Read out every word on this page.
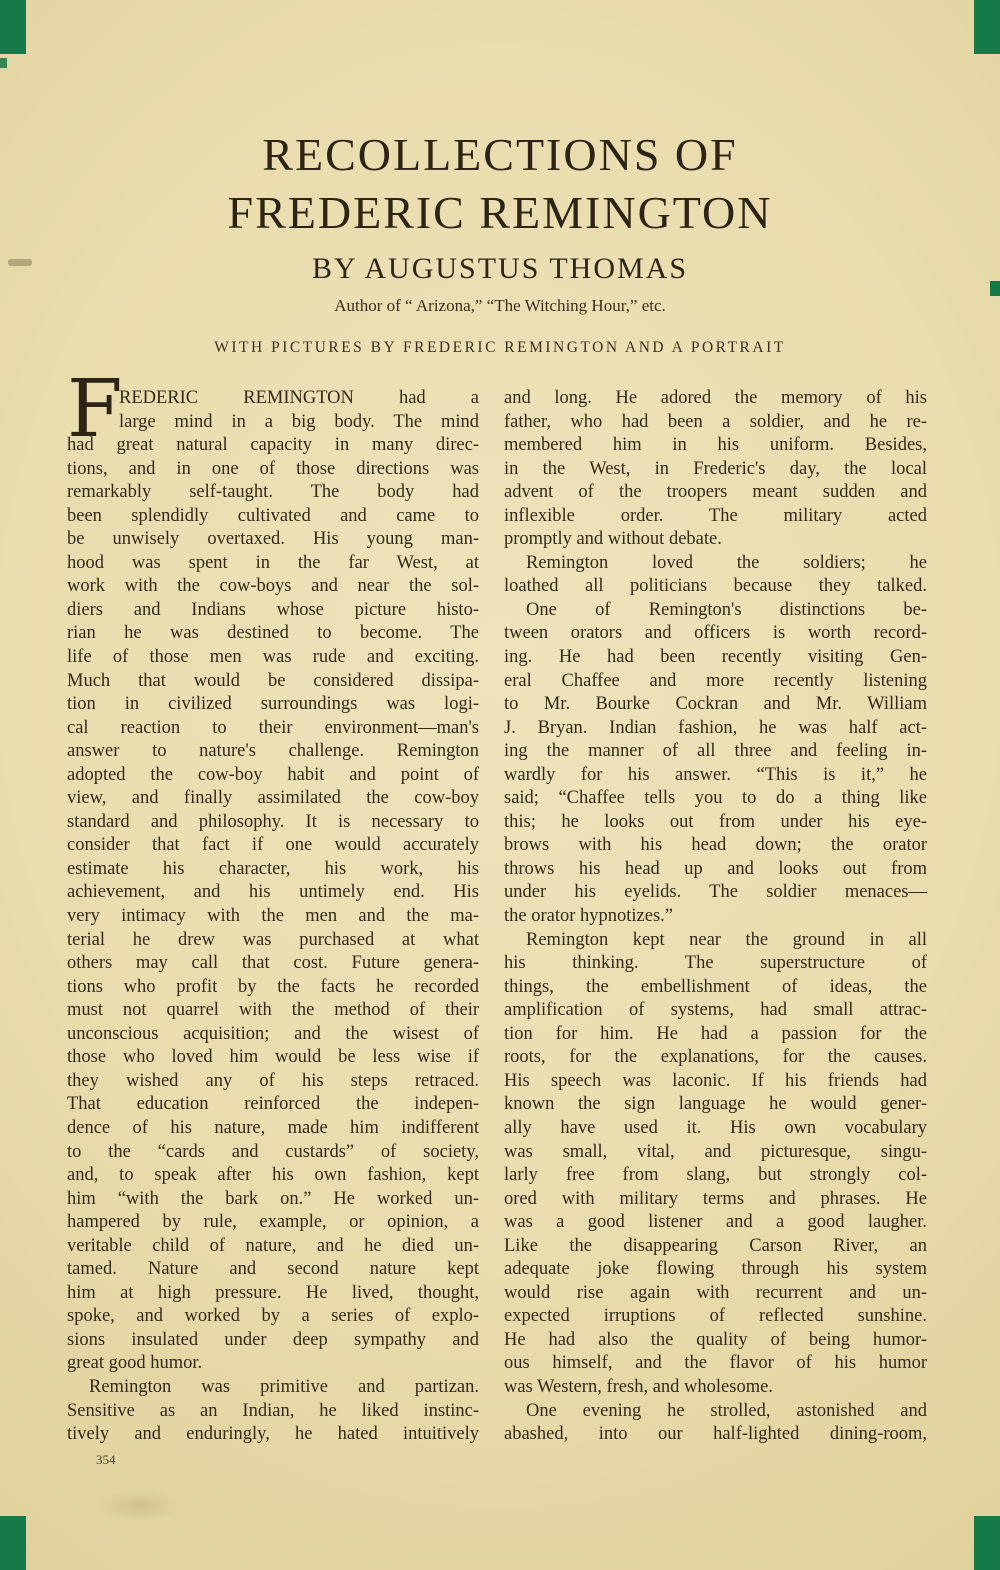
RECOLLECTIONS OF
FREDERIC REMINGTON
BY AUGUSTUS THOMAS
Author of “ Arizona,” “The Witching Hour,” etc.
WITH PICTURES BY FREDERIC REMINGTON AND A PORTRAIT
F
REDERIC REMINGTON had a
large mind in a big body. The mind
had great natural capacity in many direc-
tions, and in one of those directions was
remarkably self-taught. The body had
been splendidly cultivated and came to
be unwisely overtaxed. His young man-
hood was spent in the far West, at
work with the cow-boys and near the sol-
diers and Indians whose picture histo-
rian he was destined to become. The
life of those men was rude and exciting.
Much that would be considered dissipa-
tion in civilized surroundings was logi-
cal reaction to their environment—man's
answer to nature's challenge. Remington
adopted the cow-boy habit and point of
view, and finally assimilated the cow-boy
standard and philosophy. It is necessary to
consider that fact if one would accurately
estimate his character, his work, his
achievement, and his untimely end. His
very intimacy with the men and the ma-
terial he drew was purchased at what
others may call that cost. Future genera-
tions who profit by the facts he recorded
must not quarrel with the method of their
unconscious acquisition; and the wisest of
those who loved him would be less wise if
they wished any of his steps retraced.
That education reinforced the indepen-
dence of his nature, made him indifferent
to the “cards and custards” of society,
and, to speak after his own fashion, kept
him “with the bark on.” He worked un-
hampered by rule, example, or opinion, a
veritable child of nature, and he died un-
tamed. Nature and second nature kept
him at high pressure. He lived, thought,
spoke, and worked by a series of explo-
sions insulated under deep sympathy and
great good humor.
Remington was primitive and partizan.
Sensitive as an Indian, he liked instinc-
tively and enduringly, he hated intuitively
and long. He adored the memory of his
father, who had been a soldier, and he re-
membered him in his uniform. Besides,
in the West, in Frederic's day, the local
advent of the troopers meant sudden and
inflexible order. The military acted
promptly and without debate.
Remington loved the soldiers; he
loathed all politicians because they talked.
One of Remington's distinctions be-
tween orators and officers is worth record-
ing. He had been recently visiting Gen-
eral Chaffee and more recently listening
to Mr. Bourke Cockran and Mr. William
J. Bryan. Indian fashion, he was half act-
ing the manner of all three and feeling in-
wardly for his answer. “This is it,” he
said; “Chaffee tells you to do a thing like
this; he looks out from under his eye-
brows with his head down; the orator
throws his head up and looks out from
under his eyelids. The soldier menaces—
the orator hypnotizes.”
Remington kept near the ground in all
his thinking. The superstructure of
things, the embellishment of ideas, the
amplification of systems, had small attrac-
tion for him. He had a passion for the
roots, for the explanations, for the causes.
His speech was laconic. If his friends had
known the sign language he would gener-
ally have used it. His own vocabulary
was small, vital, and picturesque, singu-
larly free from slang, but strongly col-
ored with military terms and phrases. He
was a good listener and a good laugher.
Like the disappearing Carson River, an
adequate joke flowing through his system
would rise again with recurrent and un-
expected irruptions of reflected sunshine.
He had also the quality of being humor-
ous himself, and the flavor of his humor
was Western, fresh, and wholesome.
One evening he strolled, astonished and
abashed, into our half-lighted dining-room,
354
